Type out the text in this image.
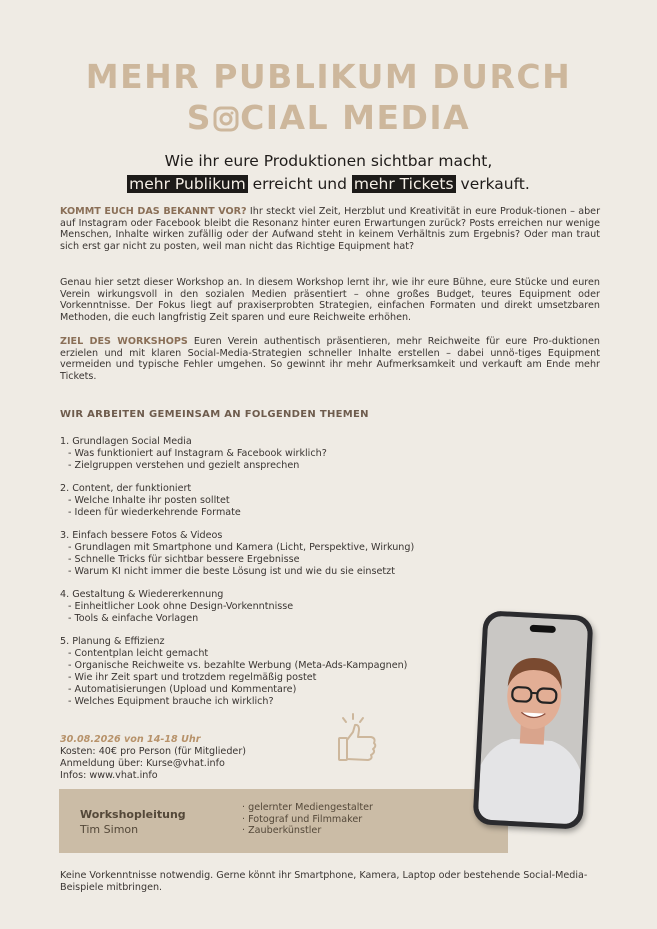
MEHR PUBLIKUM DURCH
S CIAL MEDIA
Wie ihr eure Produktionen sichtbar macht,
mehr Publikum erreicht und mehr Tickets verkauft.
KOMMT EUCH DAS BEKANNT VOR? Ihr steckt viel Zeit, Herzblut und Kreativität in eure Produk-tionen – aber auf Instagram oder Facebook bleibt die Resonanz hinter euren Erwartungen zurück? Posts erreichen nur wenige Menschen, Inhalte wirken zufällig oder der Aufwand steht in keinem Verhältnis zum Ergebnis? Oder man traut sich erst gar nicht zu posten, weil man nicht das Richtige Equipment hat?
Genau hier setzt dieser Workshop an. In diesem Workshop lernt ihr, wie ihr eure Bühne, eure Stücke und euren Verein wirkungsvoll in den sozialen Medien präsentiert – ohne großes Budget, teures Equipment oder Vorkenntnisse. Der Fokus liegt auf praxiserprobten Strategien, einfachen Formaten und direkt umsetzbaren Methoden, die euch langfristig Zeit sparen und eure Reichweite erhöhen.
ZIEL DES WORKSHOPS Euren Verein authentisch präsentieren, mehr Reichweite für eure Pro-duktionen erzielen und mit klaren Social-Media-Strategien schneller Inhalte erstellen – dabei unnö-tiges Equipment vermeiden und typische Fehler umgehen. So gewinnt ihr mehr Aufmerksamkeit und verkauft am Ende mehr Tickets.
WIR ARBEITEN GEMEINSAM AN FOLGENDEN THEMEN
1. Grundlagen Social Media
- Was funktioniert auf Instagram & Facebook wirklich?
- Zielgruppen verstehen und gezielt ansprechen
2. Content, der funktioniert
- Welche Inhalte ihr posten solltet
- Ideen für wiederkehrende Formate
3. Einfach bessere Fotos & Videos
- Grundlagen mit Smartphone und Kamera (Licht, Perspektive, Wirkung)
- Schnelle Tricks für sichtbar bessere Ergebnisse
- Warum KI nicht immer die beste Lösung ist und wie du sie einsetzt
4. Gestaltung & Wiedererkennung
- Einheitlicher Look ohne Design-Vorkenntnisse
- Tools & einfache Vorlagen
5. Planung & Effizienz
- Contentplan leicht gemacht
- Organische Reichweite vs. bezahlte Werbung (Meta-Ads-Kampagnen)
- Wie ihr Zeit spart und trotzdem regelmäßig postet
- Automatisierungen (Upload und Kommentare)
- Welches Equipment brauche ich wirklich?
30.08.2026 von 14-18 Uhr
Kosten: 40€ pro Person (für Mitglieder)
Anmeldung über: Kurse@vhat.info
Infos: www.vhat.info
Workshopleitung
Tim Simon
· gelernter Mediengestalter
· Fotograf und Filmmaker
· Zauberkünstler
Keine Vorkenntnisse notwendig. Gerne könnt ihr Smartphone, Kamera, Laptop oder bestehende Social-Media-Beispiele mitbringen.
